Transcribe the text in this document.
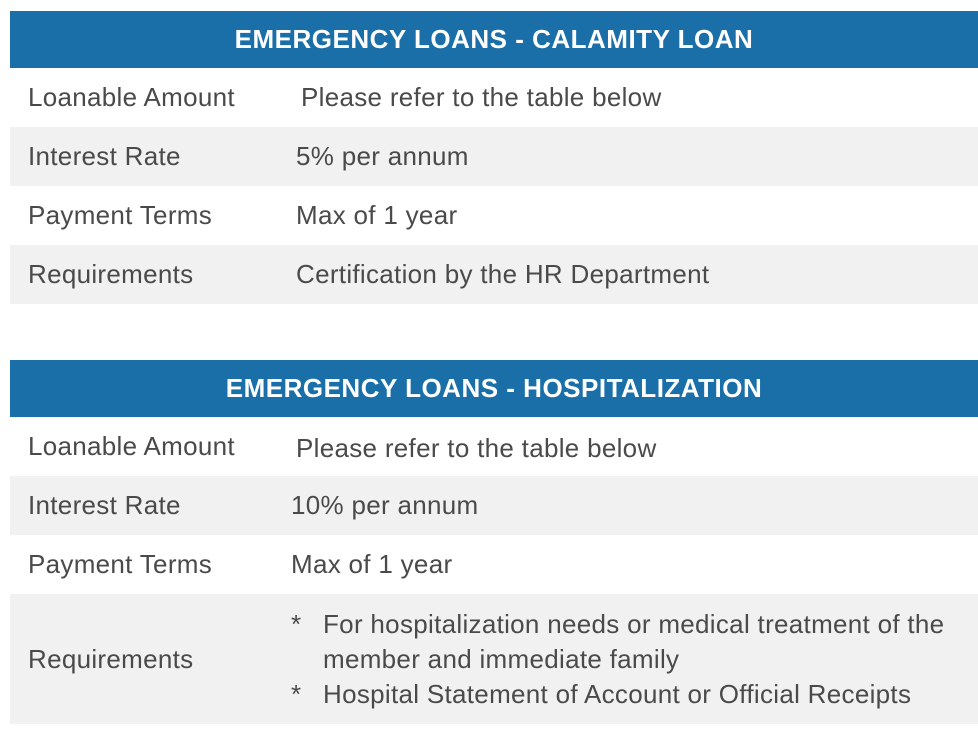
EMERGENCY LOANS - CALAMITY LOAN
Loanable Amount	Please refer to the table below
Interest Rate	5% per annum
Payment Terms	Max of 1 year
Requirements	Certification by the HR Department
EMERGENCY LOANS - HOSPITALIZATION
Loanable Amount	Please refer to the table below
Interest Rate	10% per annum
Payment Terms	Max of 1 year
Requirements
* For hospitalization needs or medical treatment of the member and immediate family
* Hospital Statement of Account or Official Receipts
